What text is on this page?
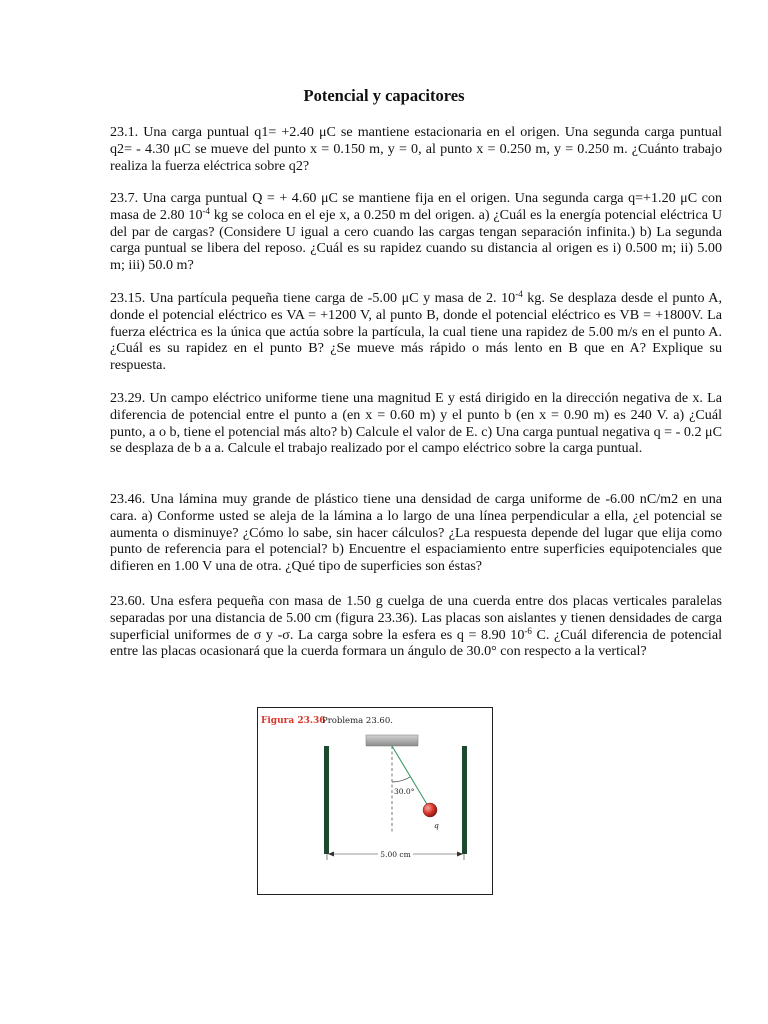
Potencial y capacitores

23.1. Una carga puntual q1= +2.40 μC se mantiene estacionaria en el origen. Una segunda carga puntual q2= - 4.30 μC se mueve del punto x = 0.150 m, y = 0, al punto x = 0.250 m, y = 0.250 m. ¿Cuánto trabajo realiza la fuerza eléctrica sobre q2?

23.7. Una carga puntual Q = + 4.60 μC se mantiene fija en el origen. Una segunda carga q=+1.20 μC con masa de 2.80 $10^{-4}$ kg se coloca en el eje x, a 0.250 m del origen. a) ¿Cuál es la energía potencial eléctrica U del par de cargas? (Considere U igual a cero cuando las cargas tengan separación infinita.) b) La segunda carga puntual se libera del reposo. ¿Cuál es su rapidez cuando su distancia al origen es i) 0.500 m; ii) 5.00 m; iii) 50.0 m?

23.15. Una partícula pequeña tiene carga de -5.00 μC y masa de 2. $10^{-4}$ kg. Se desplaza desde el punto A, donde el potencial eléctrico es VA = +1200 V, al punto B, donde el potencial eléctrico es VB = +1800V. La fuerza eléctrica es la única que actúa sobre la partícula, la cual tiene una rapidez de 5.00 m/s en el punto A. ¿Cuál es su rapidez en el punto B? ¿Se mueve más rápido o más lento en B que en A? Explique su respuesta.

23.29. Un campo eléctrico uniforme tiene una magnitud E y está dirigido en la dirección negativa de x. La diferencia de potencial entre el punto a (en x = 0.60 m) y el punto b (en x = 0.90 m) es 240 V. a) ¿Cuál punto, a o b, tiene el potencial más alto? b) Calcule el valor de E. c) Una carga puntual negativa q = - 0.2 μC se desplaza de b a a. Calcule el trabajo realizado por el campo eléctrico sobre la carga puntual.

23.46. Una lámina muy grande de plástico tiene una densidad de carga uniforme de -6.00 nC/m2 en una cara. a) Conforme usted se aleja de la lámina a lo largo de una línea perpendicular a ella, ¿el potencial se aumenta o disminuye? ¿Cómo lo sabe, sin hacer cálculos? ¿La respuesta depende del lugar que elija como punto de referencia para el potencial? b) Encuentre el espaciamiento entre superficies equipotenciales que difieren en 1.00 V una de otra. ¿Qué tipo de superficies son éstas?

23.60. Una esfera pequeña con masa de 1.50 g cuelga de una cuerda entre dos placas verticales paralelas separadas por una distancia de 5.00 cm (figura 23.36). Las placas son aislantes y tienen densidades de carga superficial uniformes de σ y -σ. La carga sobre la esfera es q = 8.90 $10^{-6}$ C. ¿Cuál diferencia de potencial entre las placas ocasionará que la cuerda formara un ángulo de 30.0° con respecto a la vertical?

Figura 23.36
Problema 23.60.
30.0°
q
5.00 cm
